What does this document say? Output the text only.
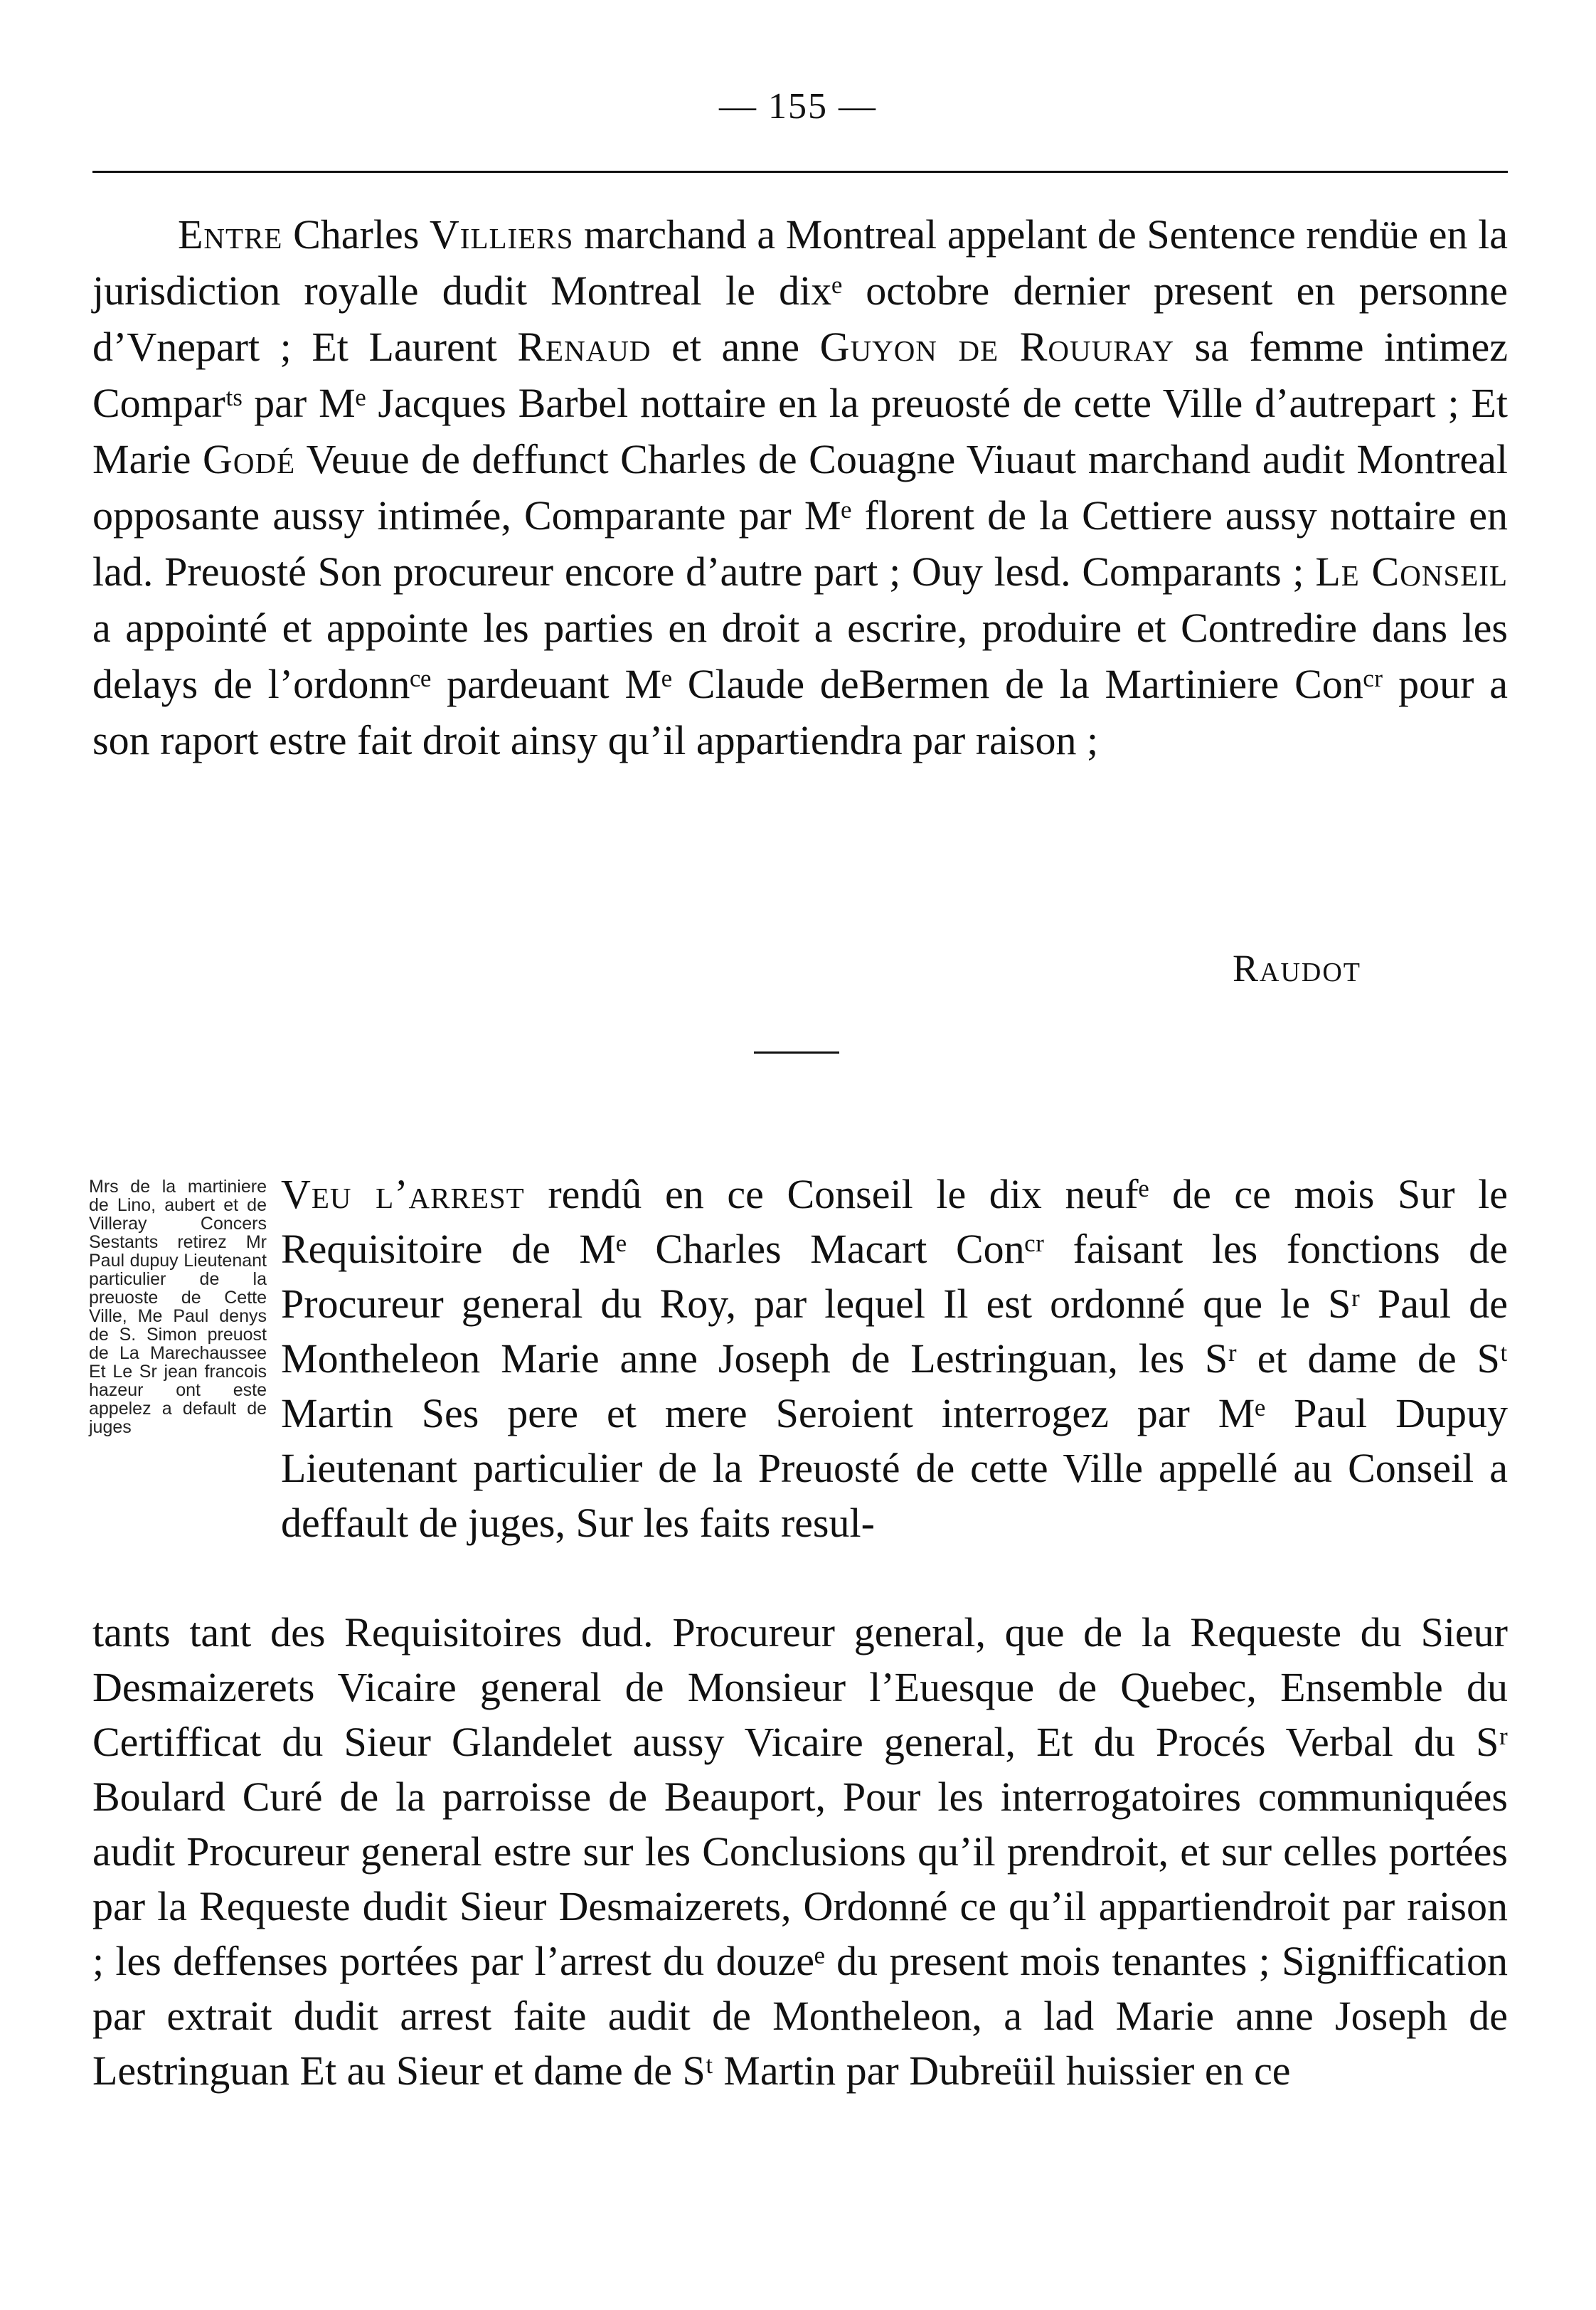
— 155 —

Entre Charles Villiers marchand a Montreal appelant de Sentence rendüe en la jurisdiction royalle dudit Montreal le dixᵉ octobre dernier present en personne d’Vnepart ; Et Laurent Renaud et anne Guyon de Rouuray sa femme intimez Comparᵗˢ par Mᵉ Jacques Barbel nottaire en la preuosté de cette Ville d’autrepart ; Et Marie Godé Veuue de deffunct Charles de Couagne Viuaut marchand audit Montreal opposante aussy intimée, Comparante par Mᵉ florent de la Cettiere aussy nottaire en lad. Preuosté Son procureur encore d’autre part ; Ouy lesd. Comparants ; Le Conseil a appointé et appointe les parties en droit a escrire, produire et Contredire dans les delays de l’ordonnᶜᵉ pardeuant Mᵉ Claude deBermen de la Martiniere Conᶜʳ pour a son raport estre fait droit ainsy qu’il appartiendra par raison ;

Raudot
Mrs de la martiniere de Lino, aubert et de Villeray Concers Sestants retirez Mr Paul dupuy Lieutenant particulier de la preuoste de Cette Ville, Me Paul denys de S. Simon preuost de La Marechaussee Et Le Sr jean francois hazeur ont este appelez a default de juges

Veu l’arrest rendû en ce Conseil le dix neufᵉ de ce mois Sur le Requisitoire de Mᵉ Charles Macart Conᶜʳ faisant les fonctions de Procureur general du Roy, par lequel Il est ordonné que le Sʳ Paul de Montheleon Marie anne Joseph de Lestringuan, les Sʳ et dame de Sᵗ Martin Ses pere et mere Seroient interrogez par Mᵉ Paul Dupuy Lieutenant particulier de la Preuosté de cette Ville appellé au Conseil a deffault de juges, Sur les faits resul-

tants tant des Requisitoires dud. Procureur general, que de la Requeste du Sieur Desmaizerets Vicaire general de Monsieur l’Euesque de Quebec, Ensemble du Certifficat du Sieur Glandelet aussy Vicaire general, Et du Procés Verbal du Sʳ Boulard Curé de la parroisse de Beauport, Pour les interrogatoires communiquées audit Procureur general estre sur les Conclusions qu’il prendroit, et sur celles portées par la Requeste dudit Sieur Desmaizerets, Ordonné ce qu’il appartiendroit par raison ; les deffenses portées par l’arrest du douzeᵉ du present mois tenantes ; Signiffication par extrait dudit arrest faite audit de Montheleon, a lad Marie anne Joseph de Lestringuan Et au Sieur et dame de Sᵗ Martin par Dubreüil huissier en ce
